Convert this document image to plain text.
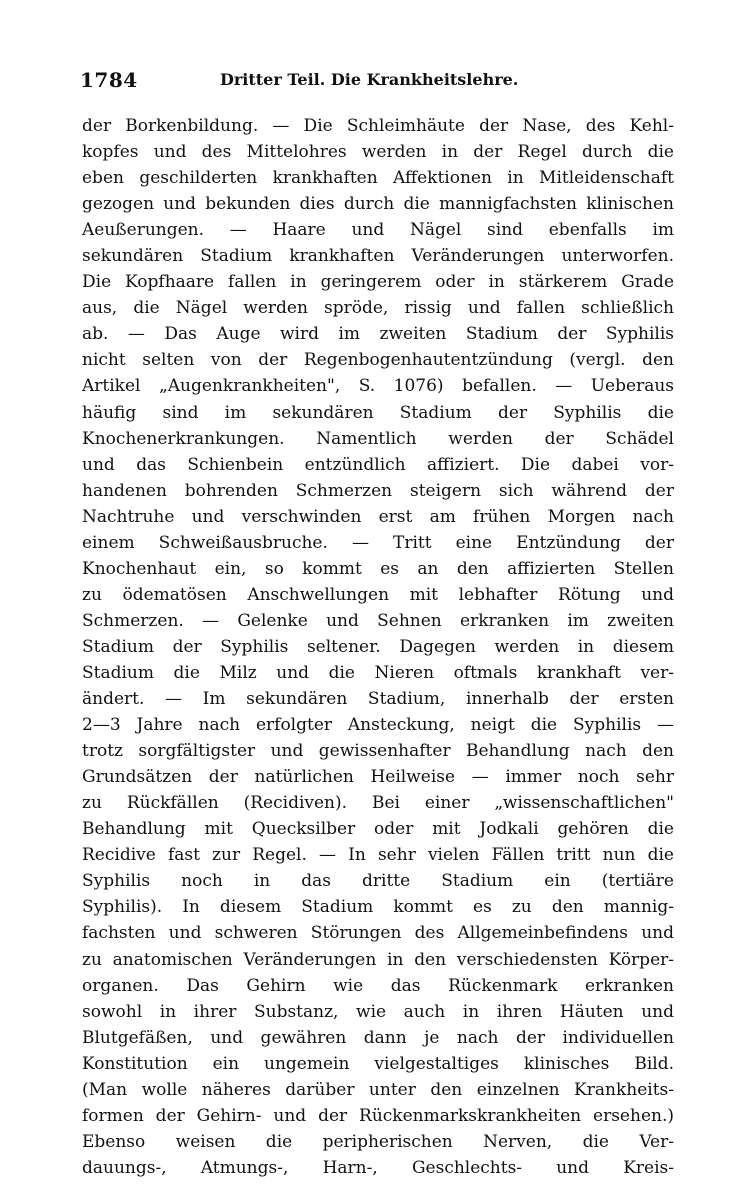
1784	Dritter Teil. Die Krankheitslehre.
der Borkenbildung. — Die Schleimhäute der Nase, des Kehl-
kopfes und des Mittelohres werden in der Regel durch die
eben geschilderten krankhaften Affektionen in Mitleidenschaft
gezogen und bekunden dies durch die mannigfachsten klinischen
Aeußerungen. — Haare und Nägel sind ebenfalls im
sekundären Stadium krankhaften Veränderungen unterworfen.
Die Kopfhaare fallen in geringerem oder in stärkerem Grade
aus, die Nägel werden spröde, rissig und fallen schließlich
ab. — Das Auge wird im zweiten Stadium der Syphilis
nicht selten von der Regenbogenhautentzündung (vergl. den
Artikel „Augenkrankheiten", S. 1076) befallen. — Ueberaus
häufig sind im sekundären Stadium der Syphilis die
Knochenerkrankungen. Namentlich werden der Schädel
und das Schienbein entzündlich affiziert. Die dabei vor-
handenen bohrenden Schmerzen steigern sich während der
Nachtruhe und verschwinden erst am frühen Morgen nach
einem Schweißausbruche. — Tritt eine Entzündung der
Knochenhaut ein, so kommt es an den affizierten Stellen
zu ödematösen Anschwellungen mit lebhafter Rötung und
Schmerzen. — Gelenke und Sehnen erkranken im zweiten
Stadium der Syphilis seltener. Dagegen werden in diesem
Stadium die Milz und die Nieren oftmals krankhaft ver-
ändert. — Im sekundären Stadium, innerhalb der ersten
2—3 Jahre nach erfolgter Ansteckung, neigt die Syphilis —
trotz sorgfältigster und gewissenhafter Behandlung nach den
Grundsätzen der natürlichen Heilweise — immer noch sehr
zu Rückfällen (Recidiven). Bei einer „wissenschaftlichen"
Behandlung mit Quecksilber oder mit Jodkali gehören die
Recidive fast zur Regel. — In sehr vielen Fällen tritt nun die
Syphilis noch in das dritte Stadium ein (tertiäre
Syphilis). In diesem Stadium kommt es zu den mannig-
fachsten und schweren Störungen des Allgemeinbefindens und
zu anatomischen Veränderungen in den verschiedensten Körper-
organen. Das Gehirn wie das Rückenmark erkranken
sowohl in ihrer Substanz, wie auch in ihren Häuten und
Blutgefäßen, und gewähren dann je nach der individuellen
Konstitution ein ungemein vielgestaltiges klinisches Bild.
(Man wolle näheres darüber unter den einzelnen Krankheits-
formen der Gehirn- und der Rückenmarkskrankheiten ersehen.)
Ebenso weisen die peripherischen Nerven, die Ver-
dauungs-, Atmungs-, Harn-, Geschlechts- und Kreis-
